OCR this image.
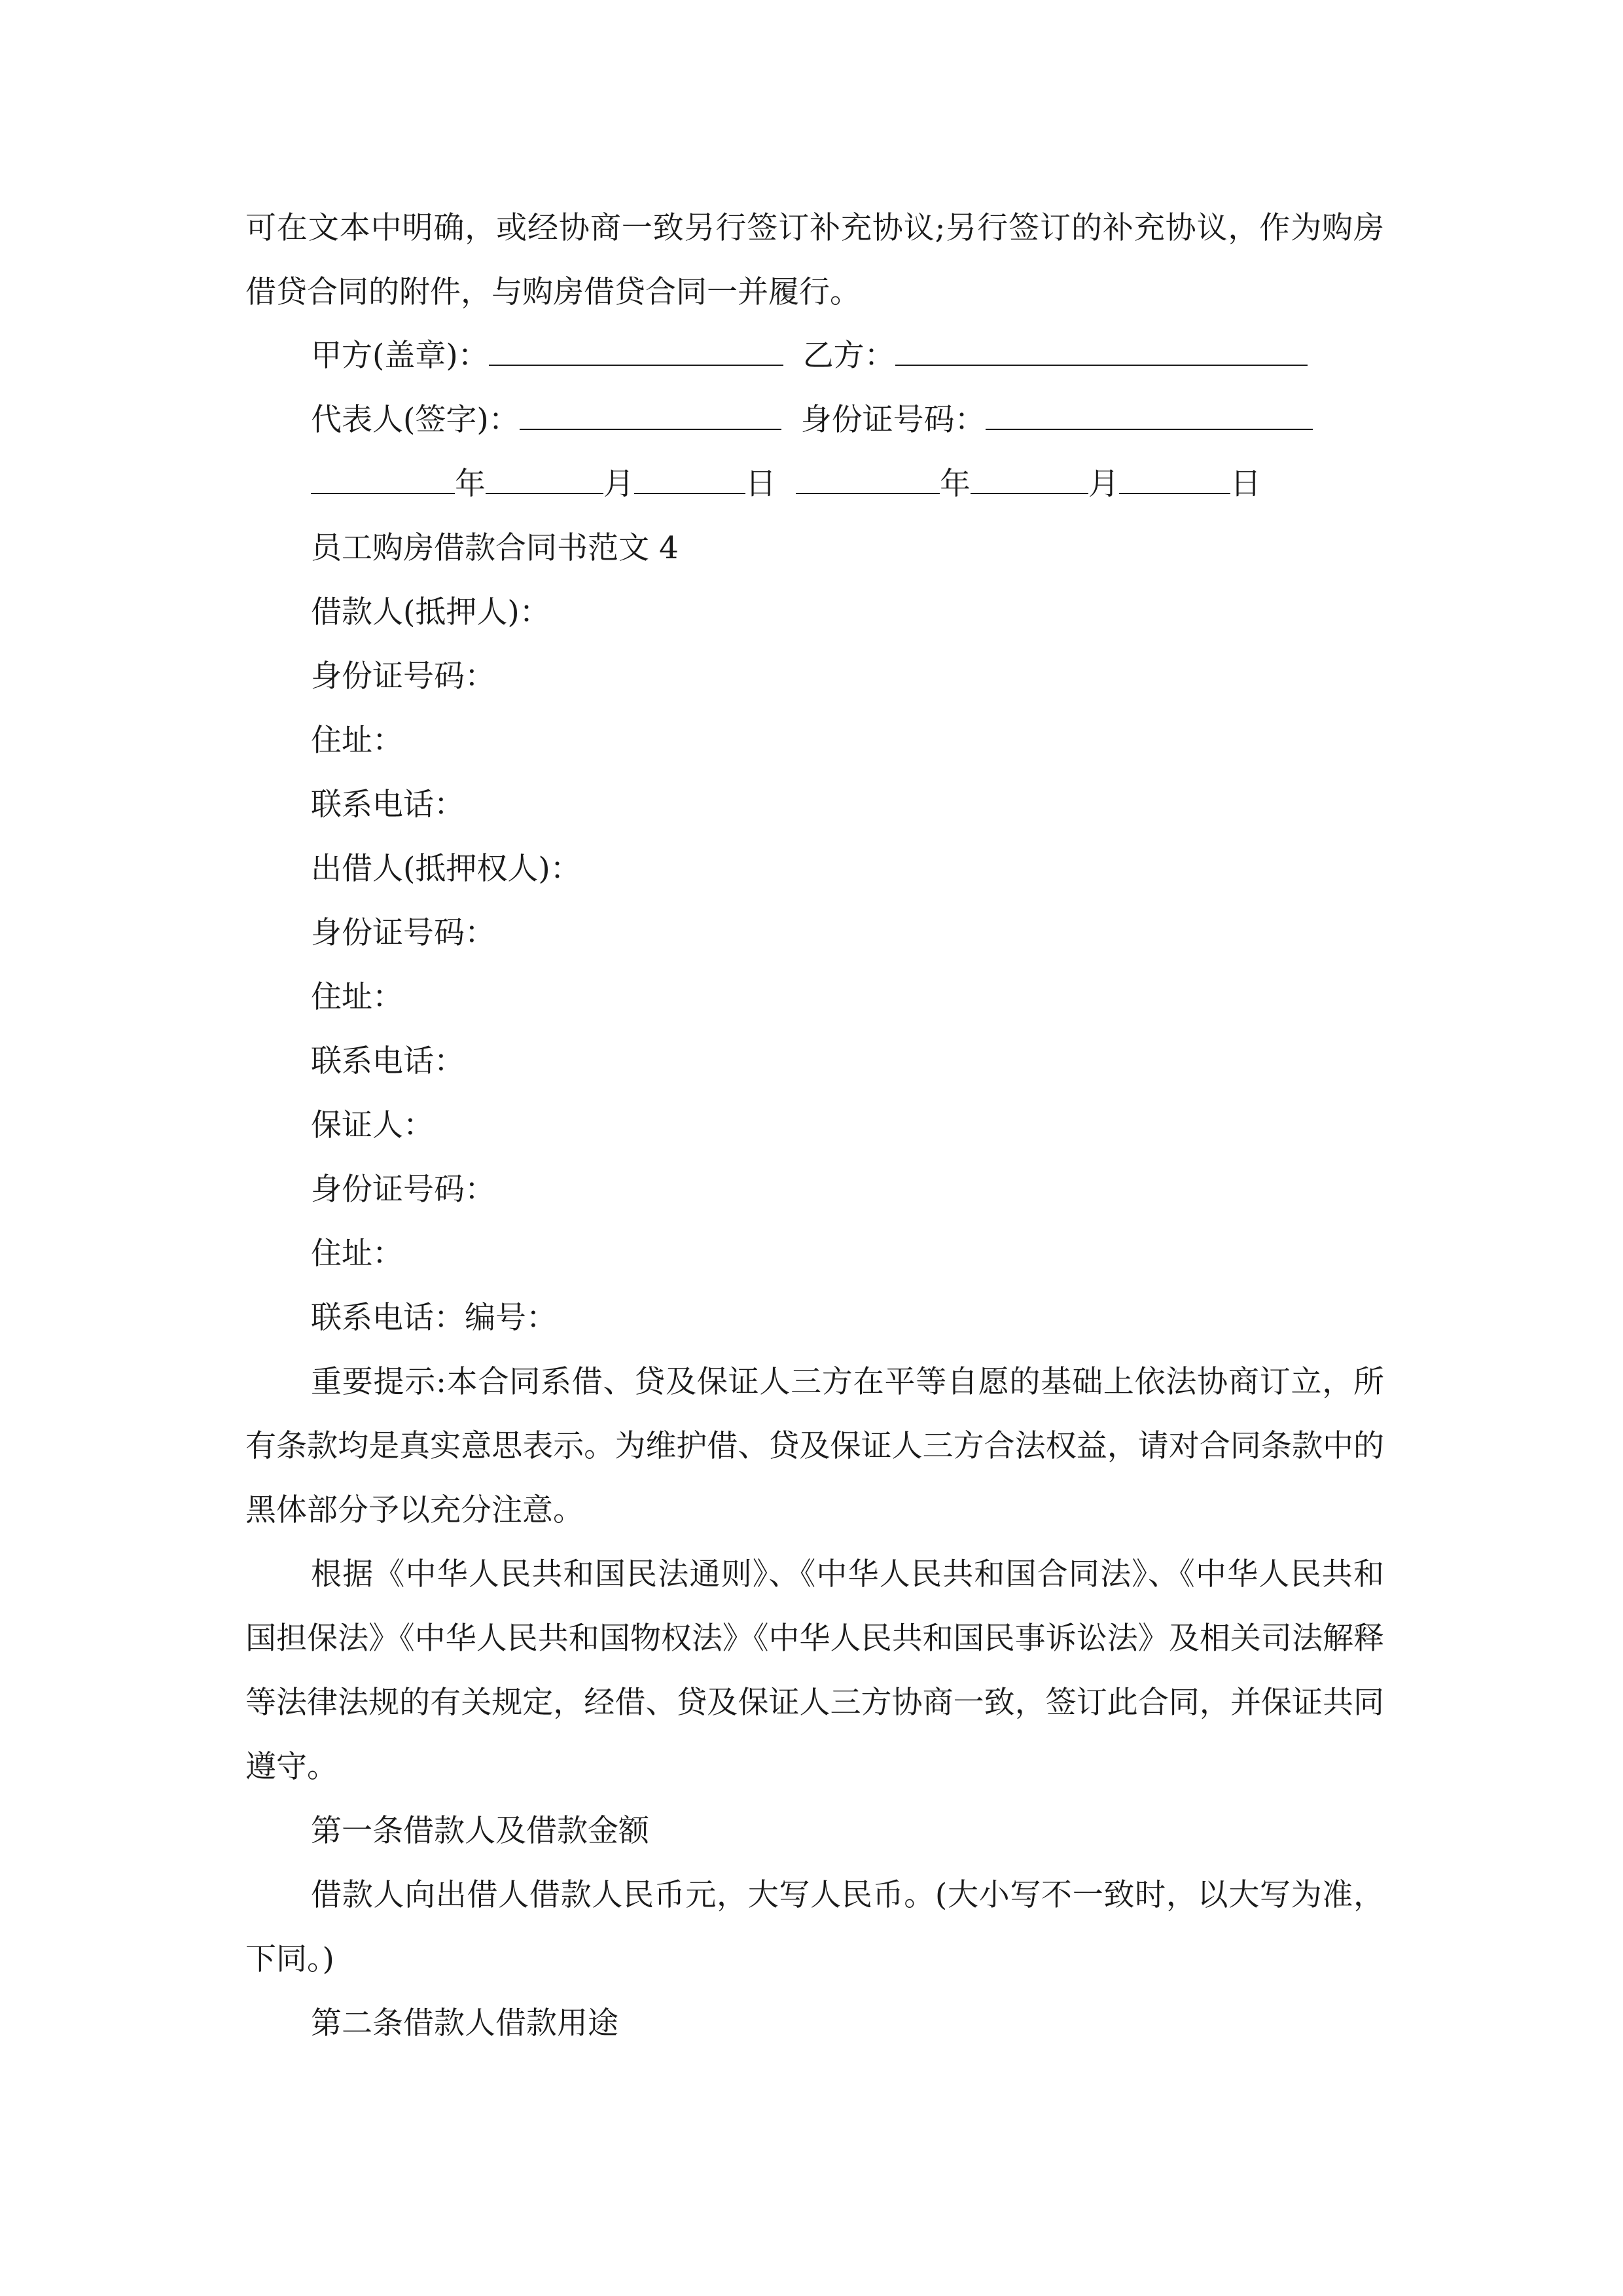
可在文本中明确，或经协商一致另行签订补充协议;另行签订的补充协议，作为购房借贷合同的附件，与购房借贷合同一并履行。

甲方(盖章)：	乙方：
代表人(签字)：	身份证号码：
年	月	日	年	月	日
员工购房借款合同书范文 4
借款人(抵押人)：
身份证号码：
住址：
联系电话：
出借人(抵押权人)：
身份证号码：
住址：
联系电话：
保证人：
身份证号码：
住址：
联系电话：编号：

重要提示:本合同系借、贷及保证人三方在平等自愿的基础上依法协商订立，所有条款均是真实意思表示。为维护借、贷及保证人三方合法权益，请对合同条款中的黑体部分予以充分注意。

根据《中华人民共和国民法通则》、《中华人民共和国合同法》、《中华人民共和国担保法》《中华人民共和国物权法》《中华人民共和国民事诉讼法》及相关司法解释等法律法规的有关规定，经借、贷及保证人三方协商一致，签订此合同，并保证共同遵守。

第一条借款人及借款金额

借款人向出借人借款人民币元，大写人民币。(大小写不一致时，以大写为准，下同。)

第二条借款人借款用途
